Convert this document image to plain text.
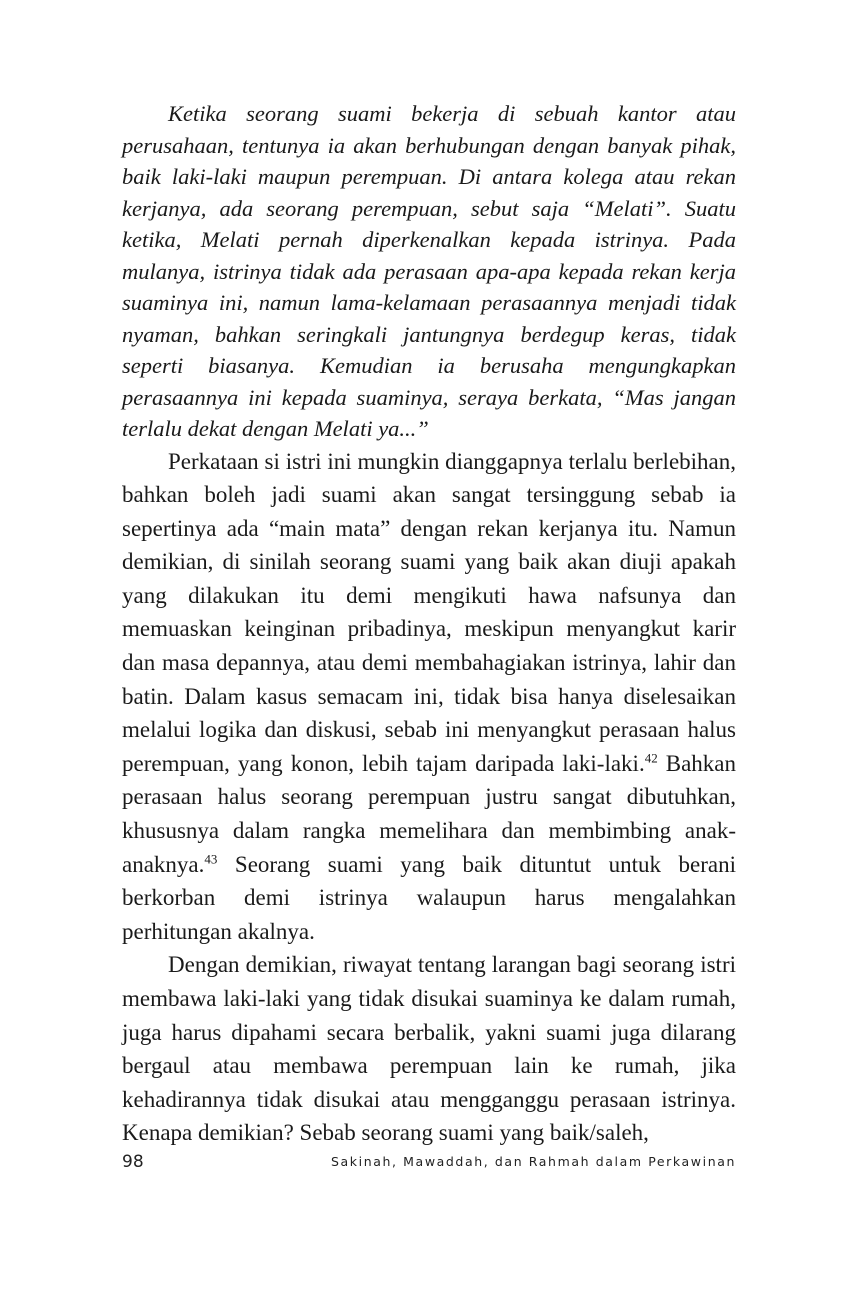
Ketika seorang suami bekerja di sebuah kantor atau perusahaan, tentunya ia akan berhubungan dengan banyak pihak, baik laki-laki maupun perempuan. Di antara kolega atau rekan kerjanya, ada seorang perempuan, sebut saja “Melati”. Suatu ketika, Melati pernah diperkenalkan kepada istrinya. Pada mulanya, istrinya tidak ada perasaan apa-apa kepada rekan kerja suaminya ini, namun lama-kelamaan perasaannya menjadi tidak nyaman, bahkan seringkali jantungnya berdegup keras, tidak seperti biasanya. Kemudian ia berusaha mengungkapkan perasaannya ini kepada suaminya, seraya berkata, “Mas jangan terlalu dekat dengan Melati ya...”

Perkataan si istri ini mungkin dianggapnya terlalu berlebihan, bahkan boleh jadi suami akan sangat tersinggung sebab ia sepertinya ada “main mata” dengan rekan kerjanya itu. Namun demikian, di sinilah seorang suami yang baik akan diuji apakah yang dilakukan itu demi mengikuti hawa nafsunya dan memuaskan keinginan pribadinya, meskipun menyangkut karir dan masa depannya, atau demi membahagiakan istrinya, lahir dan batin. Dalam kasus semacam ini, tidak bisa hanya diselesaikan melalui logika dan diskusi, sebab ini menyangkut perasaan halus perempuan, yang konon, lebih tajam daripada laki-laki.$^{42}$ Bahkan perasaan halus seorang perempuan justru sangat dibutuhkan, khususnya dalam rangka memelihara dan membimbing anak-anaknya.$^{43}$ Seorang suami yang baik dituntut untuk berani berkorban demi istrinya walaupun harus mengalahkan perhitungan akalnya.

Dengan demikian, riwayat tentang larangan bagi seorang istri membawa laki-laki yang tidak disukai suaminya ke dalam rumah, juga harus dipahami secara berbalik, yakni suami juga dilarang bergaul atau membawa perempuan lain ke rumah, jika kehadirannya tidak disukai atau mengganggu perasaan istrinya. Kenapa demikian? Sebab seorang suami yang baik/saleh,

98	Sakinah, Mawaddah, dan Rahmah dalam Perkawinan
